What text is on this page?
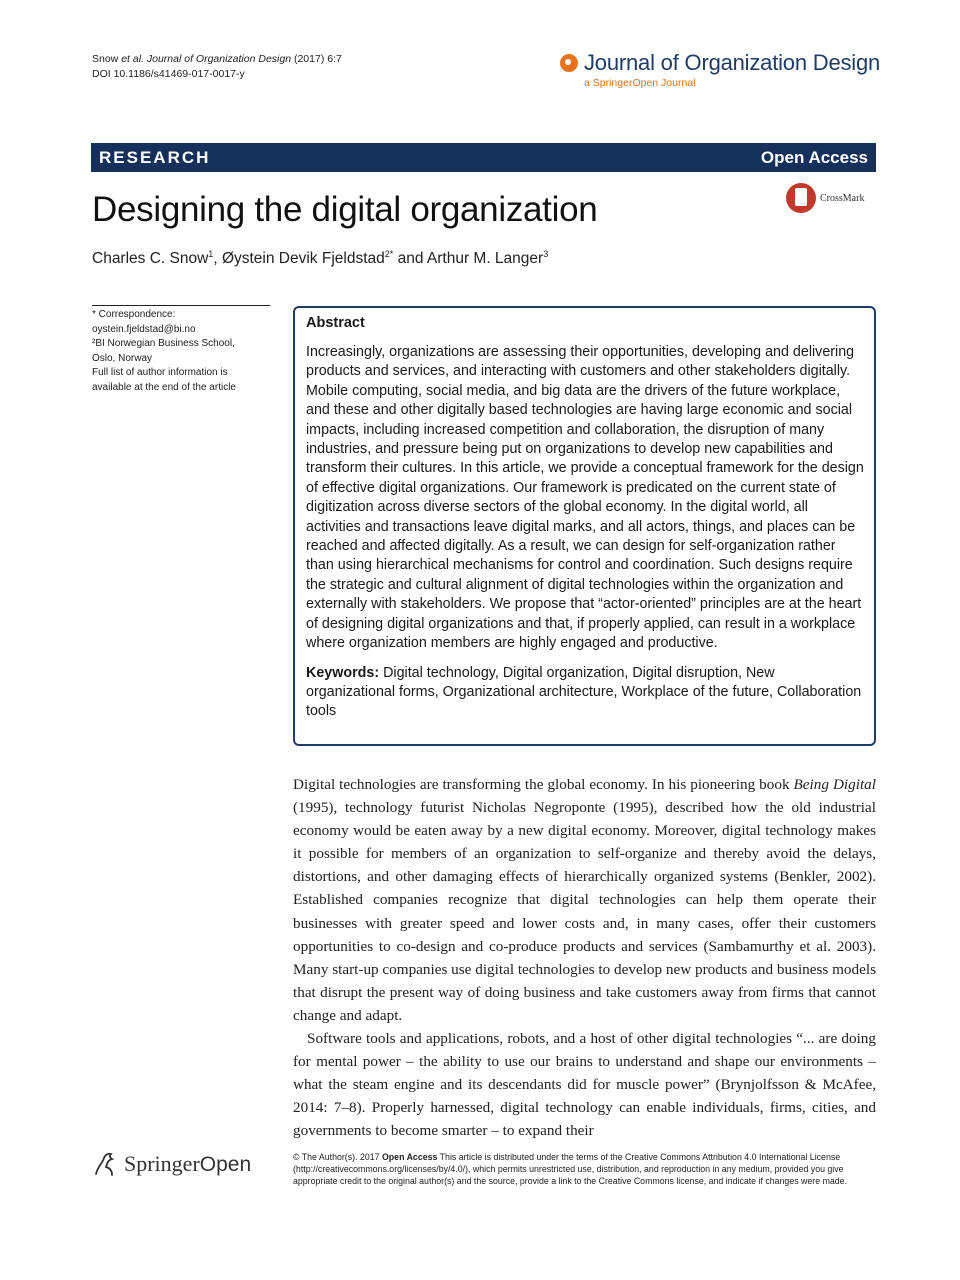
Snow et al. Journal of Organization Design (2017) 6:7
DOI 10.1186/s41469-017-0017-y	Journal of Organization Design
a SpringerOpen Journal
RESEARCH	Open Access
CrossMark
Designing the digital organization
Charles C. Snow$^1$, Øystein Devik Fjeldstad$^{2*}$ and Arthur M. Langer$^3$
* Correspondence:
oystein.fjeldstad@bi.no
²BI Norwegian Business School,
Oslo, Norway
Full list of author information is
available at the end of the article
Abstract
Increasingly, organizations are assessing their opportunities, developing and delivering products and services, and interacting with customers and other stakeholders digitally. Mobile computing, social media, and big data are the drivers of the future workplace, and these and other digitally based technologies are having large economic and social impacts, including increased competition and collaboration, the disruption of many industries, and pressure being put on organizations to develop new capabilities and transform their cultures. In this article, we provide a conceptual framework for the design of effective digital organizations. Our framework is predicated on the current state of digitization across diverse sectors of the global economy. In the digital world, all activities and transactions leave digital marks, and all actors, things, and places can be reached and affected digitally. As a result, we can design for self-organization rather than using hierarchical mechanisms for control and coordination. Such designs require the strategic and cultural alignment of digital technologies within the organization and externally with stakeholders. We propose that “actor-oriented” principles are at the heart of designing digital organizations and that, if properly applied, can result in a workplace where organization members are highly engaged and productive.
Keywords: Digital technology, Digital organization, Digital disruption, New organizational forms, Organizational architecture, Workplace of the future, Collaboration tools

Digital technologies are transforming the global economy. In his pioneering book Being Digital (1995), technology futurist Nicholas Negroponte (1995), described how the old industrial economy would be eaten away by a new digital economy. Moreover, digital technology makes it possible for members of an organization to self-organize and thereby avoid the delays, distortions, and other damaging effects of hierarchically organized systems (Benkler, 2002). Established companies recognize that digital technologies can help them operate their businesses with greater speed and lower costs and, in many cases, offer their customers opportunities to co-design and co-produce products and services (Sambamurthy et al. 2003). Many start-up companies use digital technologies to develop new products and business models that disrupt the present way of doing business and take customers away from firms that cannot change and adapt.

Software tools and applications, robots, and a host of other digital technologies “... are doing for mental power – the ability to use our brains to understand and shape our environments – what the steam engine and its descendants did for muscle power” (Brynjolfsson & McAfee, 2014: 7–8). Properly harnessed, digital technology can enable individuals, firms, cities, and governments to become smarter – to expand their

SpringerOpen	© The Author(s). 2017 Open Access This article is distributed under the terms of the Creative Commons Attribution 4.0 International License (http://creativecommons.org/licenses/by/4.0/), which permits unrestricted use, distribution, and reproduction in any medium, provided you give appropriate credit to the original author(s) and the source, provide a link to the Creative Commons license, and indicate if changes were made.
